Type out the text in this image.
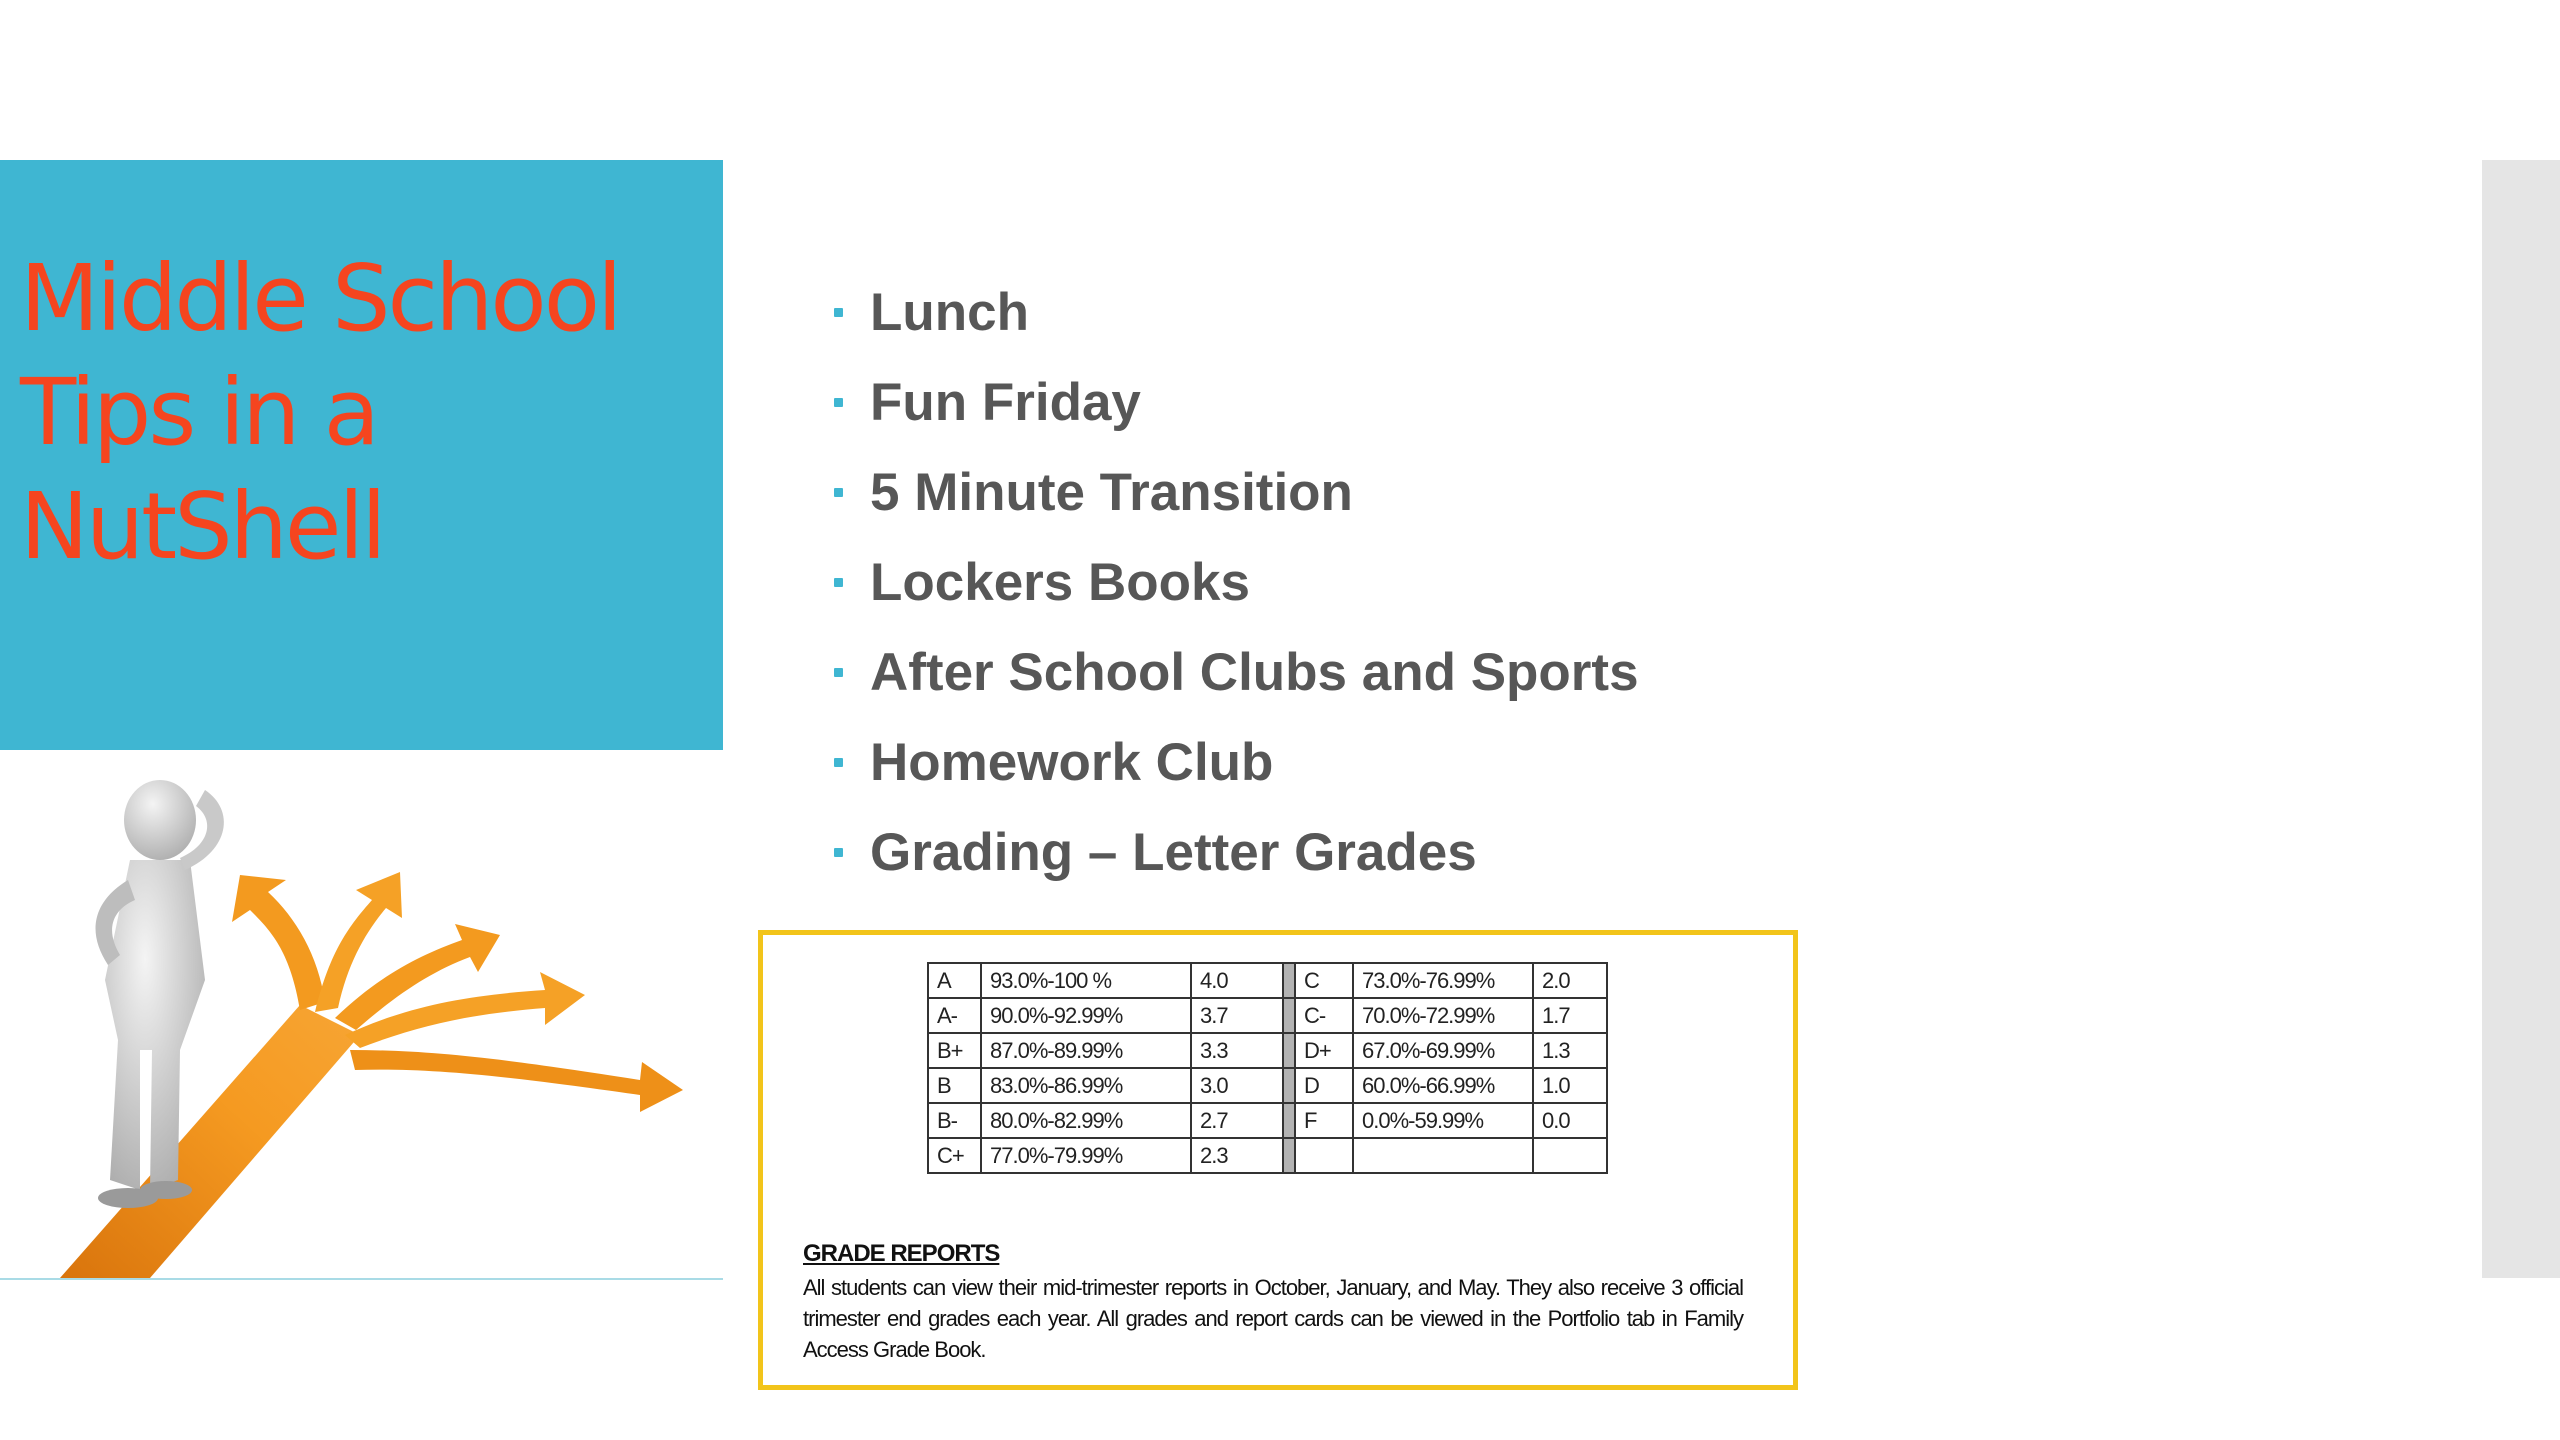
Middle School Tips in a NutShell
Lunch
Fun Friday
5 Minute Transition
Lockers Books
After School Clubs and Sports
Homework Club
Grading – Letter Grades
A	93.0%-100 %	4.0		C	73.0%-76.99%	2.0
A-	90.0%-92.99%	3.7		C-	70.0%-72.99%	1.7
B+	87.0%-89.99%	3.3		D+	67.0%-69.99%	1.3
B	83.0%-86.99%	3.0		D	60.0%-66.99%	1.0
B-	80.0%-82.99%	2.7		F	0.0%-59.99%	0.0
C+	77.0%-79.99%	2.3				

GRADE REPORTS

All students can view their mid-trimester reports in October, January, and May. They also receive 3 official trimester end grades each year. All grades and report cards can be viewed in the Portfolio tab in Family Access Grade Book.
